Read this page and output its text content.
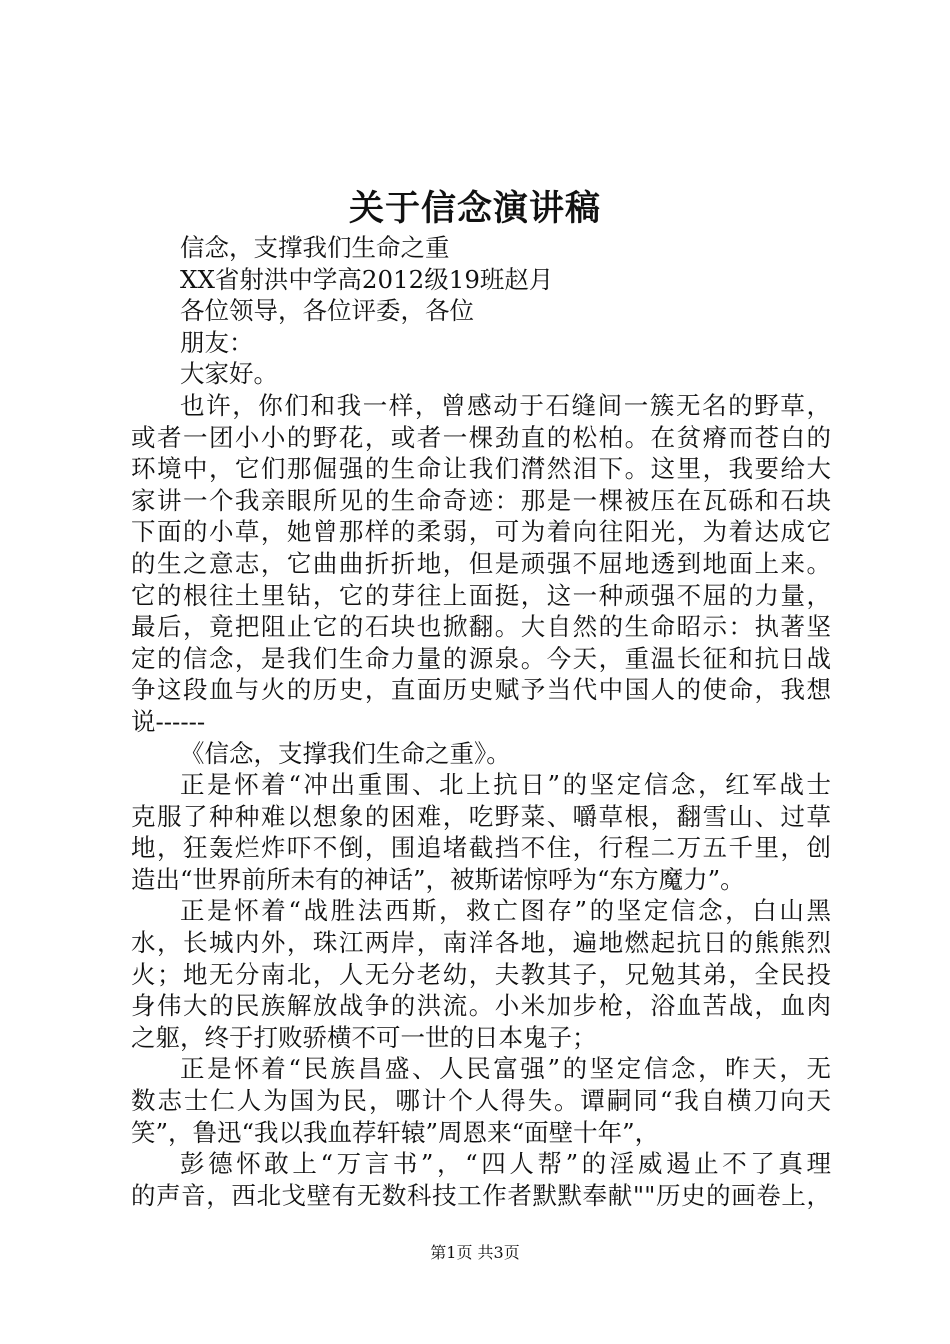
关于信念演讲稿
信念，支撑我们生命之重
XX省射洪中学高2012级19班赵月
各位领导，各位评委，各位
朋友：
大家好。
也许，你们和我一样，曾感动于石缝间一簇无名的野草，
或者一团小小的野花，或者一棵劲直的松柏。在贫瘠而苍白的
环境中，它们那倔强的生命让我们潸然泪下。这里，我要给大
家讲一个我亲眼所见的生命奇迹：那是一棵被压在瓦砾和石块
下面的小草，她曾那样的柔弱，可为着向往阳光，为着达成它
的生之意志，它曲曲折折地，但是顽强不屈地透到地面上来。
它的根往土里钻，它的芽往上面挺，这一种顽强不屈的力量，
最后，竟把阻止它的石块也掀翻。大自然的生命昭示：执著坚
定的信念，是我们生命力量的源泉。今天，重温长征和抗日战
争这段血与火的历史，直面历史赋予当代中国人的使命，我想
说------
《信念，支撑我们生命之重》。
正是怀着“冲出重围、北上抗日”的坚定信念，红军战士
克服了种种难以想象的困难，吃野菜、嚼草根，翻雪山、过草
地，狂轰烂炸吓不倒，围追堵截挡不住，行程二万五千里，创
造出“世界前所未有的神话”，被斯诺惊呼为“东方魔力”。
正是怀着“战胜法西斯，救亡图存”的坚定信念，白山黑
水，长城内外，珠江两岸，南洋各地，遍地燃起抗日的熊熊烈
火；地无分南北，人无分老幼，夫教其子，兄勉其弟，全民投
身伟大的民族解放战争的洪流。小米加步枪，浴血苦战，血肉
之躯，终于打败骄横不可一世的日本鬼子；
正是怀着“民族昌盛、人民富强”的坚定信念，昨天，无
数志士仁人为国为民，哪计个人得失。谭嗣同“我自横刀向天
笑”，鲁迅“我以我血荐轩辕”周恩来“面壁十年”，
彭德怀敢上“万言书”，“四人帮”的淫威遏止不了真理
的声音，西北戈壁有无数科技工作者默默奉献""历史的画卷上，
第1页 共3页
